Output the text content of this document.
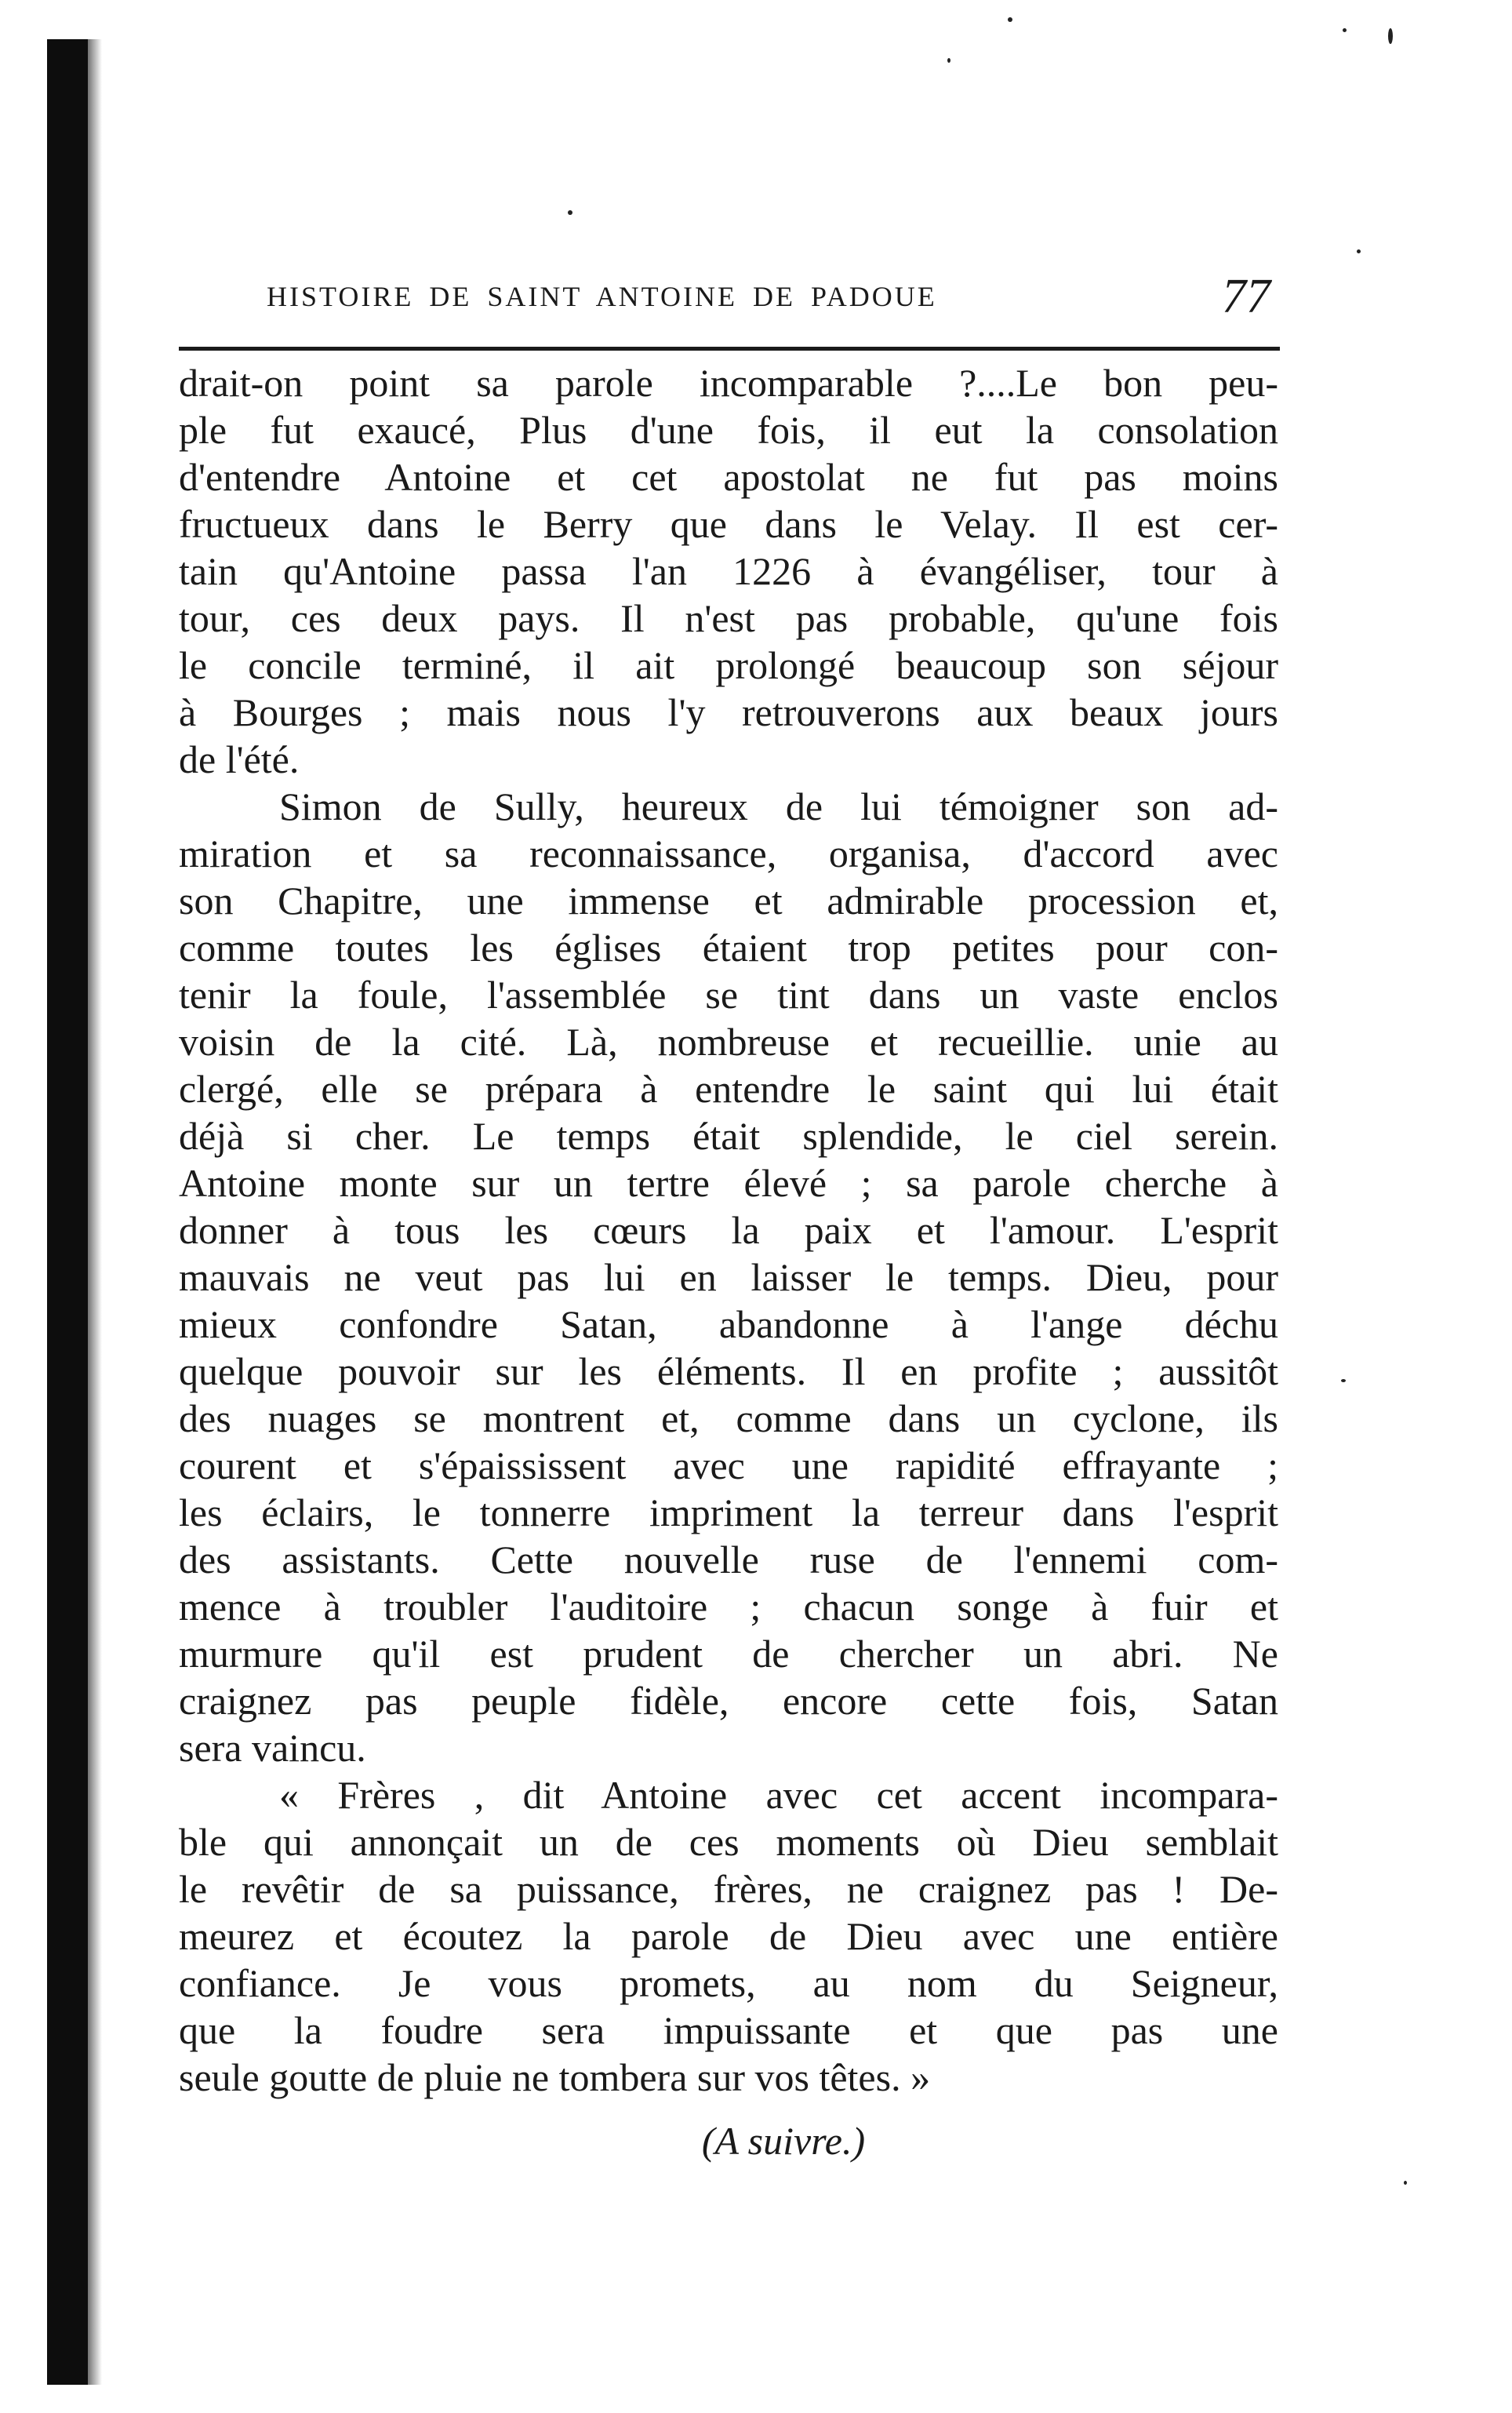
HISTOIRE DE SAINT ANTOINE DE PADOUE	77
drait-on point sa parole incomparable ?....Le bon peu-
ple fut exaucé, Plus d'une fois, il eut la consolation
d'entendre Antoine et cet apostolat ne fut pas moins
fructueux dans le Berry que dans le Velay. Il est cer-
tain qu'Antoine passa l'an 1226 à évangéliser, tour à
tour, ces deux pays. Il n'est pas probable, qu'une fois
le concile terminé, il ait prolongé beaucoup son séjour
à Bourges ; mais nous l'y retrouverons aux beaux jours
de l'été.
Simon de Sully, heureux de lui témoigner son ad-
miration et sa reconnaissance, organisa, d'accord avec
son Chapitre, une immense et admirable procession et,
comme toutes les églises étaient trop petites pour con-
tenir la foule, l'assemblée se tint dans un vaste enclos
voisin de la cité. Là, nombreuse et recueillie. unie au
clergé, elle se prépara à entendre le saint qui lui était
déjà si cher. Le temps était splendide, le ciel serein.
Antoine monte sur un tertre élevé ; sa parole cherche à
donner à tous les cœurs la paix et l'amour. L'esprit
mauvais ne veut pas lui en laisser le temps. Dieu, pour
mieux confondre Satan, abandonne à l'ange déchu
quelque pouvoir sur les éléments. Il en profite ; aussitôt
des nuages se montrent et, comme dans un cyclone, ils
courent et s'épaississent avec une rapidité effrayante ;
les éclairs, le tonnerre impriment la terreur dans l'esprit
des assistants. Cette nouvelle ruse de l'ennemi com-
mence à troubler l'auditoire ; chacun songe à fuir et
murmure qu'il est prudent de chercher un abri. Ne
craignez pas peuple fidèle, encore cette fois, Satan
sera vaincu.
« Frères , dit Antoine avec cet accent incompara-
ble qui annonçait un de ces moments où Dieu semblait
le revêtir de sa puissance, frères, ne craignez pas ! De-
meurez et écoutez la parole de Dieu avec une entière
confiance. Je vous promets, au nom du Seigneur,
que la foudre sera impuissante et que pas une
seule goutte de pluie ne tombera sur vos têtes. »
(A suivre.)
